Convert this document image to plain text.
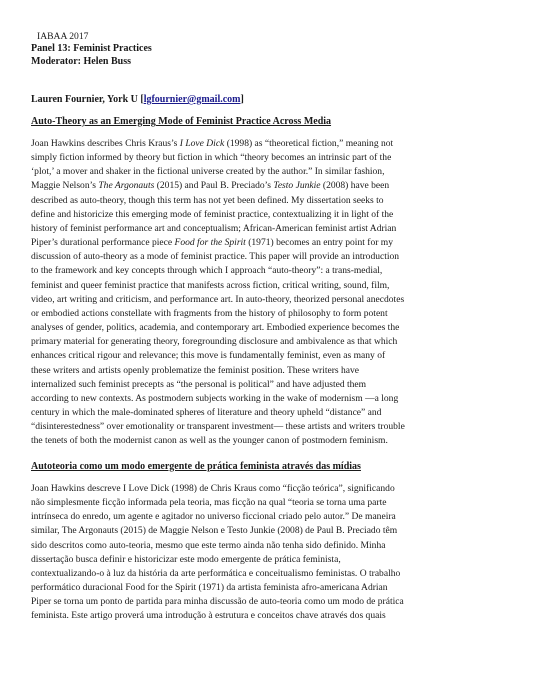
IABAA 2017
Panel 13: Feminist Practices
Moderator: Helen Buss
Lauren Fournier, York U [lgfournier@gmail.com]
Auto-Theory as an Emerging Mode of Feminist Practice Across Media

Joan Hawkins describes Chris Kraus’s I Love Dick (1998) as “theoretical fiction,” meaning not

simply fiction informed by theory but fiction in which “theory becomes an intrinsic part of the

‘plot,’ a mover and shaker in the fictional universe created by the author.” In similar fashion,

Maggie Nelson’s The Argonauts (2015) and Paul B. Preciado’s Testo Junkie (2008) have been

described as auto-theory, though this term has not yet been defined. My dissertation seeks to

define and historicize this emerging mode of feminist practice, contextualizing it in light of the

history of feminist performance art and conceptualism; African-American feminist artist Adrian

Piper’s durational performance piece Food for the Spirit (1971) becomes an entry point for my

discussion of auto-theory as a mode of feminist practice. This paper will provide an introduction

to the framework and key concepts through which I approach “auto-theory”: a trans-medial,

feminist and queer feminist practice that manifests across fiction, critical writing, sound, film,

video, art writing and criticism, and performance art. In auto-theory, theorized personal anecdotes

or embodied actions constellate with fragments from the history of philosophy to form potent

analyses of gender, politics, academia, and contemporary art. Embodied experience becomes the

primary material for generating theory, foregrounding disclosure and ambivalence as that which

enhances critical rigour and relevance; this move is fundamentally feminist, even as many of

these writers and artists openly problematize the feminist position. These writers have

internalized such feminist precepts as “the personal is political” and have adjusted them

according to new contexts. As postmodern subjects working in the wake of modernism —a long

century in which the male-dominated spheres of literature and theory upheld “distance” and

“disinterestedness” over emotionality or transparent investment— these artists and writers trouble

the tenets of both the modernist canon as well as the younger canon of postmodern feminism.

Autoteoria como um modo emergente de prática feminista através das mídias

Joan Hawkins descreve I Love Dick (1998) de Chris Kraus como “ficção teórica”, significando

não simplesmente ficção informada pela teoria, mas ficção na qual “teoria se torna uma parte

intrínseca do enredo, um agente e agitador no universo ficcional criado pelo autor.” De maneira

similar, The Argonauts (2015) de Maggie Nelson e Testo Junkie (2008) de Paul B. Preciado têm

sido descritos como auto-teoria, mesmo que este termo ainda não tenha sido definido. Minha

dissertação busca definir e historicizar este modo emergente de prática feminista,

contextualizando-o à luz da história da arte performática e conceitualismo feministas. O trabalho

performático duracional Food for the Spirit (1971) da artista feminista afro-americana Adrian

Piper se torna um ponto de partida para minha discussão de auto-teoria como um modo de prática

feminista. Este artigo proverá uma introdução à estrutura e conceitos chave através dos quais
